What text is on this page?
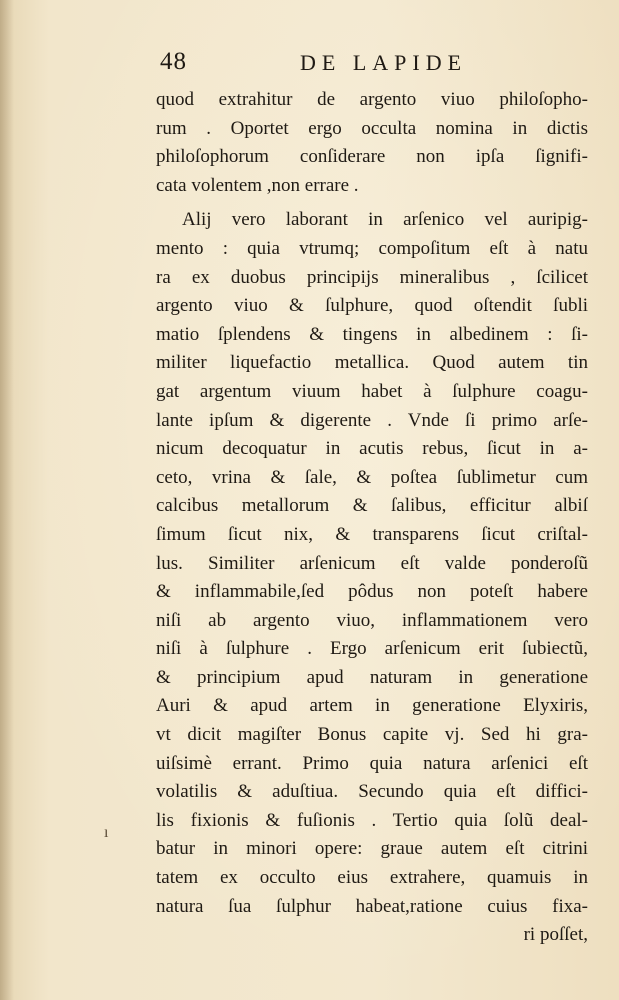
48	DE LAPIDE
ı
quod extrahitur de argento viuo philoſopho-
rum . Oportet ergo occulta nomina in dictis
philoſophorum conſiderare non ipſa ſignifi-
cata volentem ,non errare .
Alij vero laborant in arſenico vel auripig-
mento : quia vtrumq; compoſitum eſt à natu
ra ex duobus principijs mineralibus , ſcilicet
argento viuo & ſulphure, quod oſtendit ſubli
matio ſplendens & tingens in albedinem : ſi-
militer liquefactio metallica. Quod autem tin
gat argentum viuum habet à ſulphure coagu-
lante ipſum & digerente . Vnde ſi primo arſe-
nicum decoquatur in acutis rebus, ſicut in a-
ceto, vrina & ſale, & poſtea ſublimetur cum
calcibus metallorum & ſalibus, efficitur albiſ
ſimum ſicut nix, & transparens ſicut criſtal-
lus. Similiter arſenicum eſt valde ponderoſũ
& inflammabile,ſed pôdus non poteſt habere
niſi ab argento viuo, inflammationem vero
niſi à ſulphure . Ergo arſenicum erit ſubiectũ,
& principium apud naturam in generatione
Auri & apud artem in generatione Elyxiris,
vt dicit magiſter Bonus capite vj. Sed hi gra-
uiſsimè errant. Primo quia natura arſenici eſt
volatilis & aduſtiua. Secundo quia eſt diffici-
lis fixionis & fuſionis . Tertio quia ſolũ deal-
batur in minori opere: graue autem eſt citrini
tatem ex occulto eius extrahere, quamuis in
natura ſua ſulphur habeat,ratione cuius fixa-
ri poſſet,
